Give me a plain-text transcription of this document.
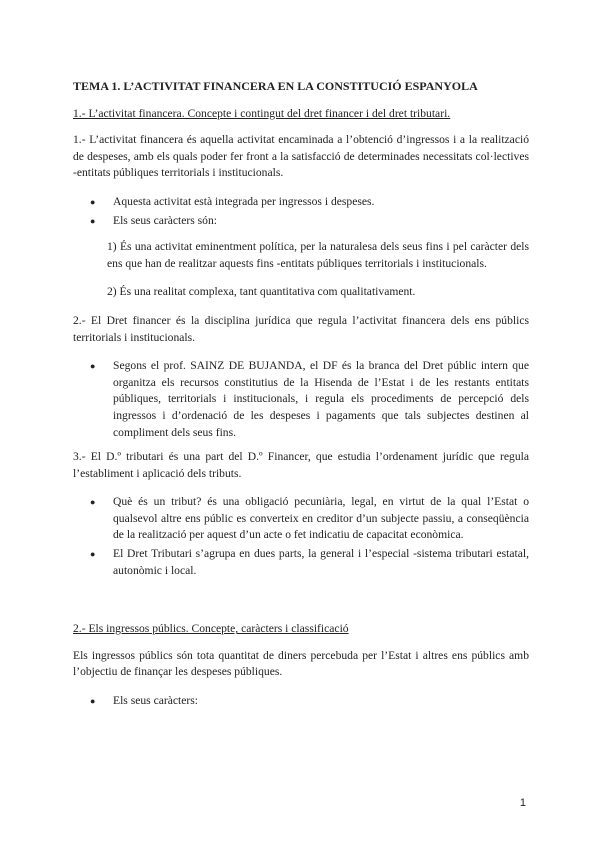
TEMA 1. L’ACTIVITAT FINANCERA EN LA CONSTITUCIÓ ESPANYOLA
1.- L’activitat financera. Concepte i contingut del dret financer i del dret tributari.

1.- L’activitat financera és aquella activitat encaminada a l’obtenció d’ingressos i a la realització de despeses, amb els quals poder fer front a la satisfacció de determinades necessitats col·lectives -entitats públiques territorials i institucionals.

● Aquesta activitat està integrada per ingressos i despeses.
● Els seus caràcters són:
1) És una activitat eminentment política, per la naturalesa dels seus fins i pel caràcter dels ens que han de realitzar aquests fins -entitats públiques territorials i institucionals.
2) És una realitat complexa, tant quantitativa com qualitativament.

2.- El Dret financer és la disciplina jurídica que regula l’activitat financera dels ens públics territorials i institucionals.

● Segons el prof. SAINZ DE BUJANDA, el DF és la branca del Dret públic intern que organitza els recursos constitutius de la Hisenda de l’Estat i de les restants entitats públiques, territorials i institucionals, i regula els procediments de percepció dels ingressos i d’ordenació de les despeses i pagaments que tals subjectes destinen al compliment dels seus fins.

3.- El D.º tributari és una part del D.º Financer, que estudia l’ordenament jurídic que regula l’establiment i aplicació dels tributs.

● Què és un tribut? és una obligació pecuniària, legal, en virtut de la qual l’Estat o qualsevol altre ens públic es converteix en creditor d’un subjecte passiu, a conseqüència de la realització per aquest d’un acte o fet indicatiu de capacitat econòmica.
● El Dret Tributari s’agrupa en dues parts, la general i l’especial -sistema tributari estatal, autonòmic i local.
2.- Els ingressos públics. Concepte, caràcters i classificació

Els ingressos públics són tota quantitat de diners percebuda per l’Estat i altres ens públics amb l’objectiu de finançar les despeses públiques.

● Els seus caràcters:
1
